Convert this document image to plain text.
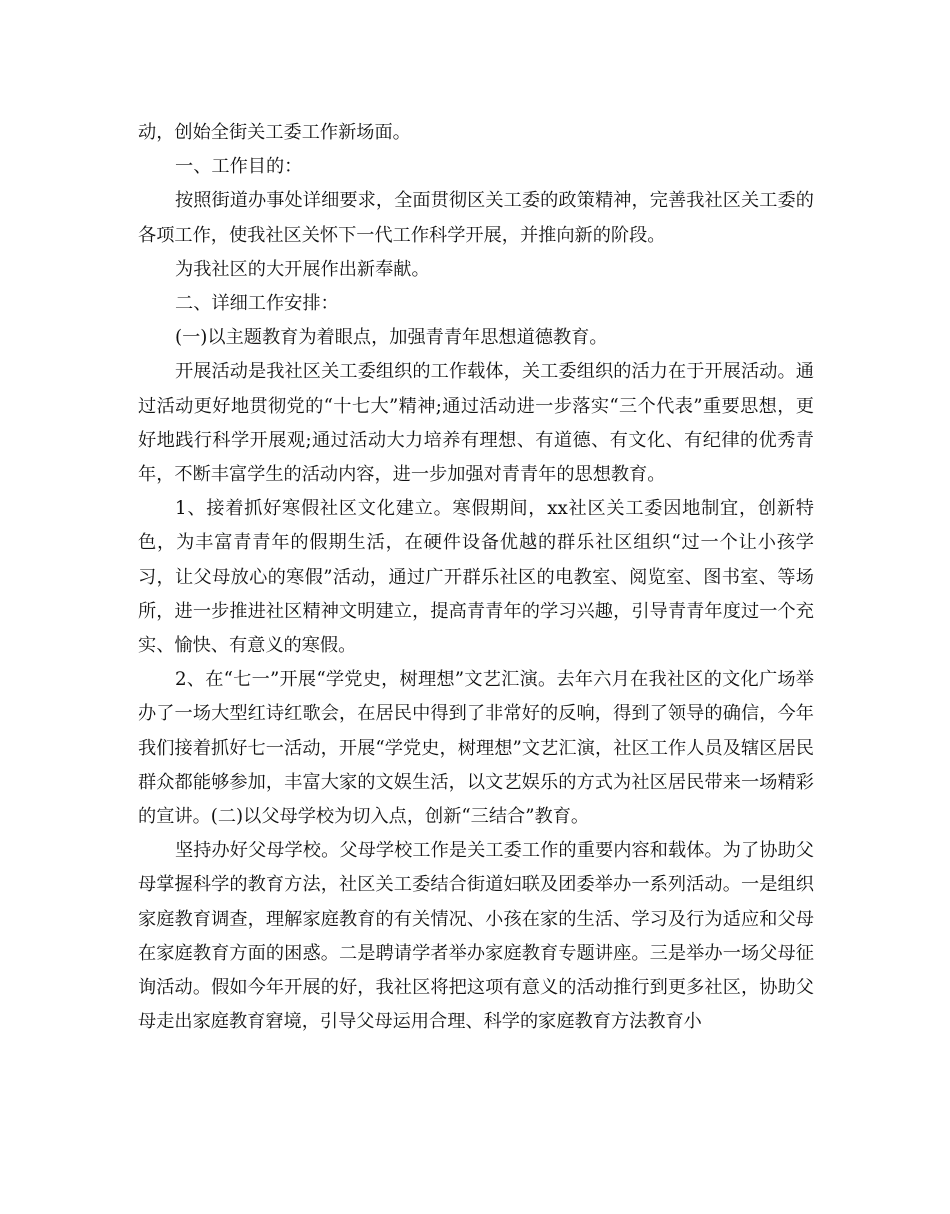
动，创始全街关工委工作新场面。

一、工作目的：

按照街道办事处详细要求，全面贯彻区关工委的政策精神，完善我社区关工委的各项工作，使我社区关怀下一代工作科学开展，并推向新的阶段。

为我社区的大开展作出新奉献。

二、详细工作安排：

(一)以主题教育为着眼点，加强青青年思想道德教育。

开展活动是我社区关工委组织的工作载体，关工委组织的活力在于开展活动。通过活动更好地贯彻党的“十七大”精神;通过活动进一步落实“三个代表”重要思想，更好地践行科学开展观;通过活动大力培养有理想、有道德、有文化、有纪律的优秀青年，不断丰富学生的活动内容，进一步加强对青青年的思想教育。

1、接着抓好寒假社区文化建立。寒假期间，xx社区关工委因地制宜，创新特色，为丰富青青年的假期生活，在硬件设备优越的群乐社区组织“过一个让小孩学习，让父母放心的寒假”活动，通过广开群乐社区的电教室、阅览室、图书室、等场所，进一步推进社区精神文明建立，提高青青年的学习兴趣，引导青青年度过一个充实、愉快、有意义的寒假。

2、在“七一”开展“学党史，树理想”文艺汇演。去年六月在我社区的文化广场举办了一场大型红诗红歌会，在居民中得到了非常好的反响，得到了领导的确信，今年我们接着抓好七一活动，开展“学党史，树理想”文艺汇演，社区工作人员及辖区居民群众都能够参加，丰富大家的文娱生活，以文艺娱乐的方式为社区居民带来一场精彩的宣讲。(二)以父母学校为切入点，创新“三结合”教育。

坚持办好父母学校。父母学校工作是关工委工作的重要内容和载体。为了协助父母掌握科学的教育方法，社区关工委结合街道妇联及团委举办一系列活动。一是组织家庭教育调查，理解家庭教育的有关情况、小孩在家的生活、学习及行为适应和父母在家庭教育方面的困惑。二是聘请学者举办家庭教育专题讲座。三是举办一场父母征询活动。假如今年开展的好，我社区将把这项有意义的活动推行到更多社区，协助父母走出家庭教育窘境，引导父母运用合理、科学的家庭教育方法教育小
